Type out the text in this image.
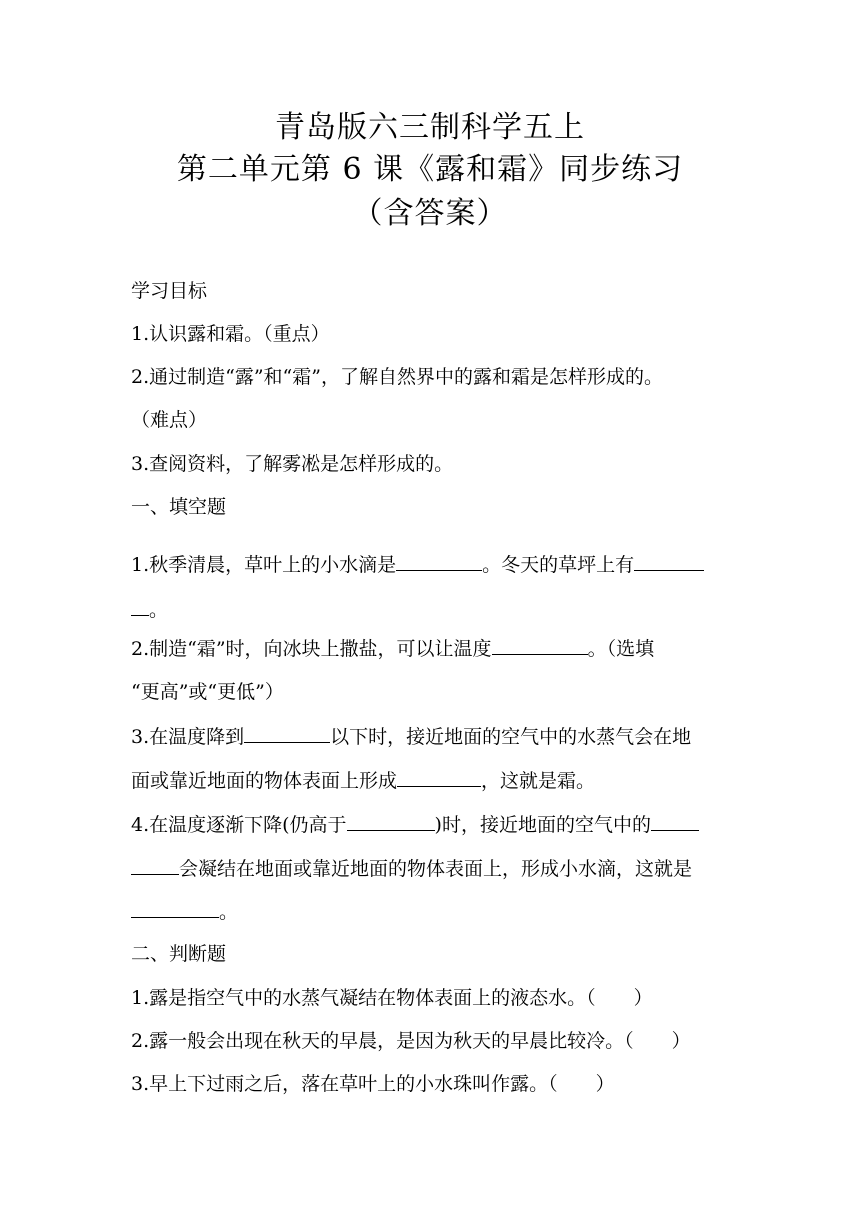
青岛版六三制科学五上
第二单元第 6 课《露和霜》同步练习
（含答案）
学习目标
1.认识露和霜。（重点）
2.通过制造“露”和“霜”，了解自然界中的露和霜是怎样形成的。
（难点）
3.查阅资料，了解雾凇是怎样形成的。
一、填空题
1.秋季清晨，草叶上的小水滴是	。冬天的草坪上有
。
2.制造“霜”时，向冰块上撒盐，可以让温度	。（选填
“更高”或“更低”）
3.在温度降到	以下时，接近地面的空气中的水蒸气会在地
面或靠近地面的物体表面上形成	，这就是霜。
4.在温度逐渐下降(仍高于	)时，接近地面的空气中的
会凝结在地面或靠近地面的物体表面上，形成小水滴，这就是
。
二、判断题
1.露是指空气中的水蒸气凝结在物体表面上的液态水。（　　）
2.露一般会出现在秋天的早晨，是因为秋天的早晨比较冷。（　　）
3.早上下过雨之后，落在草叶上的小水珠叫作露。（　　）
